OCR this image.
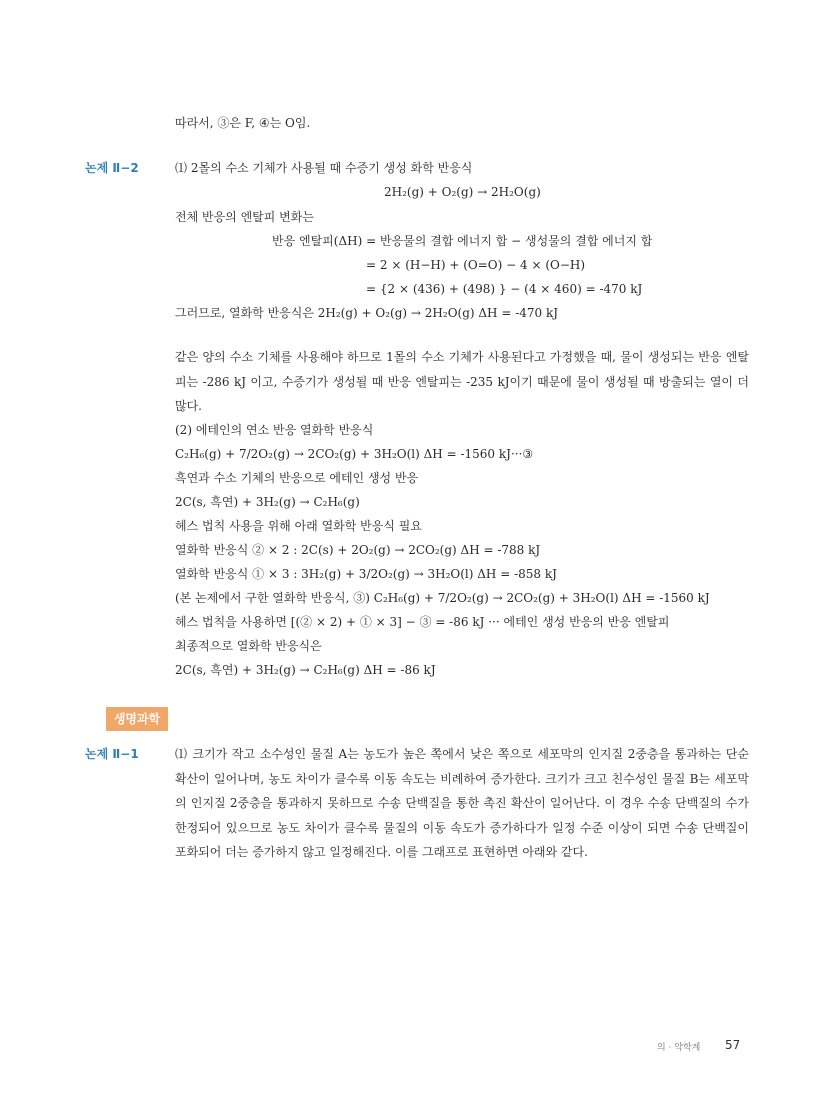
따라서, ③은 F, ④는 O임.
논제 Ⅱ−2	⑴ 2몰의 수소 기체가 사용될 때 수증기 생성 화학 반응식
2H₂(g) + O₂(g) → 2H₂O(g)
전체 반응의 엔탈피 변화는
반응 엔탈피(ΔH) = 반응물의 결합 에너지 합 − 생성물의 결합 에너지 합
= 2 × (H−H) + (O=O) − 4 × (O−H)
= {2 × (436) + (498) } − (4 × 460) = -470 kJ
그러므로, 열화학 반응식은 2H₂(g) + O₂(g) → 2H₂O(g) ΔH = -470 kJ
같은 양의 수소 기체를 사용해야 하므로 1몰의 수소 기체가 사용된다고 가정했을 때, 물이 생성되는 반응 엔탈피는 -286 kJ 이고, 수증기가 생성될 때 반응 엔탈피는 -235 kJ이기 때문에 물이 생성될 때 방출되는 열이 더 많다.
(2) 에테인의 연소 반응 열화학 반응식
C₂H₆(g) + 7/2O₂(g) → 2CO₂(g) + 3H₂O(l) ΔH = -1560 kJ···③
흑연과 수소 기체의 반응으로 에테인 생성 반응
2C(s, 흑연) + 3H₂(g) → C₂H₆(g)
헤스 법칙 사용을 위해 아래 열화학 반응식 필요
열화학 반응식 ② × 2 : 2C(s) + 2O₂(g) → 2CO₂(g) ΔH = -788 kJ
열화학 반응식 ① × 3 : 3H₂(g) + 3/2O₂(g) → 3H₂O(l) ΔH = -858 kJ
(본 논제에서 구한 열화학 반응식, ③) C₂H₆(g) + 7/2O₂(g) → 2CO₂(g) + 3H₂O(l) ΔH = -1560 kJ
헤스 법칙을 사용하면 [(② × 2) + ① × 3] − ③ = -86 kJ ··· 에테인 생성 반응의 반응 엔탈피
최종적으로 열화학 반응식은
2C(s, 흑연) + 3H₂(g) → C₂H₆(g) ΔH = -86 kJ
생명과학
논제 Ⅱ−1	⑴ 크기가 작고 소수성인 물질 A는 농도가 높은 쪽에서 낮은 쪽으로 세포막의 인지질 2중층을 통과하는 단순 확산이 일어나며, 농도 차이가 클수록 이동 속도는 비례하여 증가한다. 크기가 크고 친수성인 물질 B는 세포막의 인지질 2중층을 통과하지 못하므로 수송 단백질을 통한 촉진 확산이 일어난다. 이 경우 수송 단백질의 수가 한정되어 있으므로 농도 차이가 클수록 물질의 이동 속도가 증가하다가 일정 수준 이상이 되면 수송 단백질이 포화되어 더는 증가하지 않고 일정해진다. 이를 그래프로 표현하면 아래와 같다.
의 · 약학계 57
